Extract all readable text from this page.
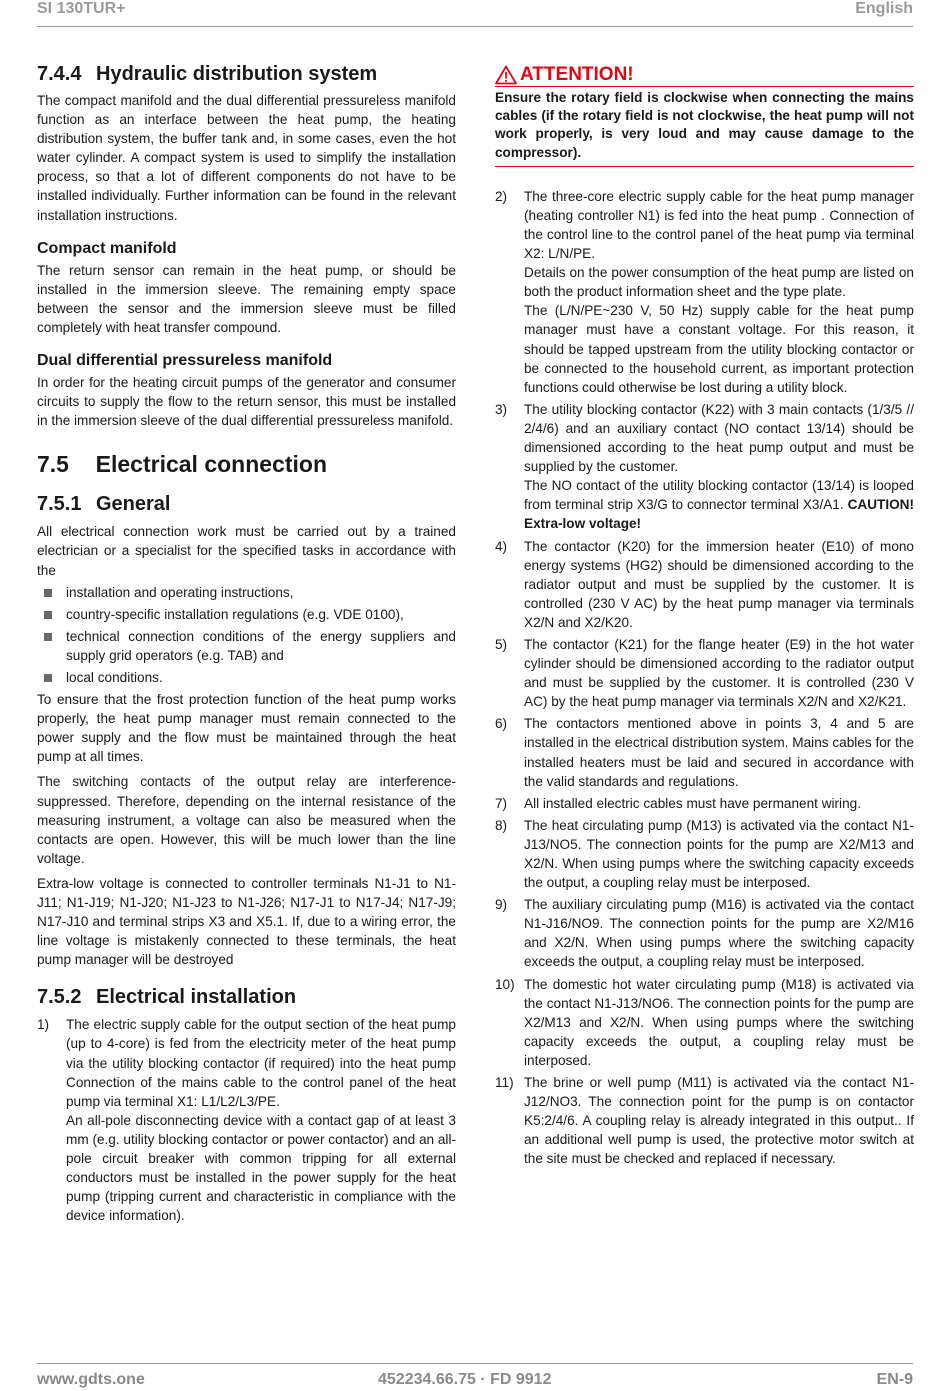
SI 130TUR+	English
7.4.4 Hydraulic distribution system

The compact manifold and the dual differential pressureless manifold function as an interface between the heat pump, the heating distribution system, the buffer tank and, in some cases, even the hot water cylinder. A compact system is used to simplify the installation process, so that a lot of different components do not have to be installed individually. Further information can be found in the relevant installation instructions.

Compact manifold

The return sensor can remain in the heat pump, or should be installed in the immersion sleeve. The remaining empty space between the sensor and the immersion sleeve must be filled completely with heat transfer compound.

Dual differential pressureless manifold

In order for the heating circuit pumps of the generator and consumer circuits to supply the flow to the return sensor, this must be installed in the immersion sleeve of the dual differential pressureless manifold.

7.5 Electrical connection
7.5.1 General

All electrical connection work must be carried out by a trained electrician or a specialist for the specified tasks in accordance with the

installation and operating instructions,
country-specific installation regulations (e.g. VDE 0100),
technical connection conditions of the energy suppliers and supply grid operators (e.g. TAB) and
local conditions.

To ensure that the frost protection function of the heat pump works properly, the heat pump manager must remain connected to the power supply and the flow must be maintained through the heat pump at all times.

The switching contacts of the output relay are interference-suppressed. Therefore, depending on the internal resistance of the measuring instrument, a voltage can also be measured when the contacts are open. However, this will be much lower than the line voltage.

Extra-low voltage is connected to controller terminals N1-J1 to N1-J11; N1-J19; N1-J20; N1-J23 to N1-J26; N17-J1 to N17-J4; N17-J9; N17-J10 and terminal strips X3 and X5.1. If, due to a wiring error, the line voltage is mistakenly connected to these terminals, the heat pump manager will be destroyed

7.5.2 Electrical installation
1) The electric supply cable for the output section of the heat pump (up to 4-core) is fed from the electricity meter of the heat pump via the utility blocking contactor (if required) into the heat pump Connection of the mains cable to the control panel of the heat pump via terminal X1: L1/L2/L3/PE.

An all-pole disconnecting device with a contact gap of at least 3 mm (e.g. utility blocking contactor or power contactor) and an all-pole circuit breaker with common tripping for all external conductors must be installed in the power supply for the heat pump (tripping current and characteristic in compliance with the device information).

ATTENTION!
Ensure the rotary field is clockwise when connecting the mains cables (if the rotary field is not clockwise, the heat pump will not work properly, is very loud and may cause damage to the compressor).
2) The three-core electric supply cable for the heat pump manager (heating controller N1) is fed into the heat pump . Connection of the control line to the control panel of the heat pump via terminal X2: L/N/PE.

Details on the power consumption of the heat pump are listed on both the product information sheet and the type plate.

The (L/N/PE~230 V, 50 Hz) supply cable for the heat pump manager must have a constant voltage. For this reason, it should be tapped upstream from the utility blocking contactor or be connected to the household current, as important protection functions could otherwise be lost during a utility block.

3) The utility blocking contactor (K22) with 3 main contacts (1/3/5 // 2/4/6) and an auxiliary contact (NO contact 13/14) should be dimensioned according to the heat pump output and must be supplied by the customer.

The NO contact of the utility blocking contactor (13/14) is looped from terminal strip X3/G to connector terminal X3/A1. CAUTION! Extra-low voltage!

4) The contactor (K20) for the immersion heater (E10) of mono energy systems (HG2) should be dimensioned according to the radiator output and must be supplied by the customer. It is controlled (230 V AC) by the heat pump manager via terminals X2/N and X2/K20.

5) The contactor (K21) for the flange heater (E9) in the hot water cylinder should be dimensioned according to the radiator output and must be supplied by the customer. It is controlled (230 V AC) by the heat pump manager via terminals X2/N and X2/K21.

6) The contactors mentioned above in points 3, 4 and 5 are installed in the electrical distribution system. Mains cables for the installed heaters must be laid and secured in accordance with the valid standards and regulations.

7) All installed electric cables must have permanent wiring.

8) The heat circulating pump (M13) is activated via the contact N1-J13/NO5. The connection points for the pump are X2/M13 and X2/N. When using pumps where the switching capacity exceeds the output, a coupling relay must be interposed.

9) The auxiliary circulating pump (M16) is activated via the contact N1-J16/NO9. The connection points for the pump are X2/M16 and X2/N. When using pumps where the switching capacity exceeds the output, a coupling relay must be interposed.

10) The domestic hot water circulating pump (M18) is activated via the contact N1-J13/NO6. The connection points for the pump are X2/M13 and X2/N. When using pumps where the switching capacity exceeds the output, a coupling relay must be interposed.

11) The brine or well pump (M11) is activated via the contact N1-J12/NO3. The connection point for the pump is on contactor K5:2/4/6. A coupling relay is already integrated in this output.. If an additional well pump is used, the protective motor switch at the site must be checked and replaced if necessary.

www.gdts.one	452234.66.75 · FD 9912	EN-9
